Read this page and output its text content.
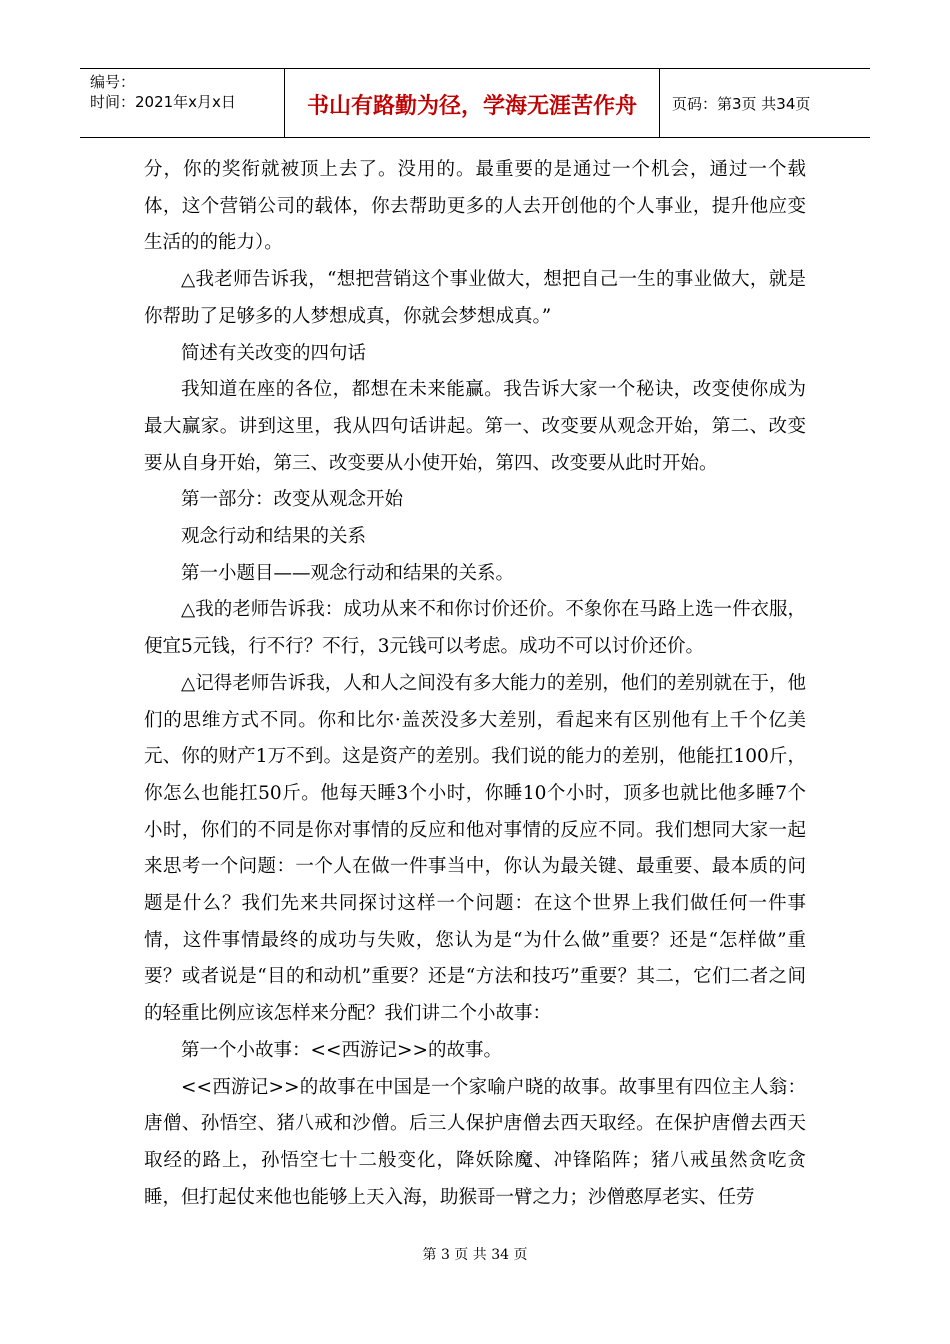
编号：
时间：2021年x月x日	书山有路勤为径，学海无涯苦作舟 页码：第3页 共34页

分，你的奖衔就被顶上去了。没用的。最重要的是通过一个机会，通过一个载体，这个营销公司的载体，你去帮助更多的人去开创他的个人事业，提升他应变生活的的能力）。

△我老师告诉我，“想把营销这个事业做大，想把自己一生的事业做大，就是你帮助了足够多的人梦想成真，你就会梦想成真。”

简述有关改变的四句话

我知道在座的各位，都想在未来能赢。我告诉大家一个秘诀，改变使你成为最大赢家。讲到这里，我从四句话讲起。第一、改变要从观念开始，第二、改变要从自身开始，第三、改变要从小使开始，第四、改变要从此时开始。

第一部分：改变从观念开始

观念行动和结果的关系

第一小题目——观念行动和结果的关系。

△我的老师告诉我：成功从来不和你讨价还价。不象你在马路上选一件衣服，便宜5元钱，行不行？不行，3元钱可以考虑。成功不可以讨价还价。

△记得老师告诉我，人和人之间没有多大能力的差别，他们的差别就在于，他们的思维方式不同。你和比尔·盖茨没多大差别，看起来有区别他有上千个亿美元、你的财产1万不到。这是资产的差别。我们说的能力的差别，他能扛100斤，你怎么也能扛50斤。他每天睡3个小时，你睡10个小时，顶多也就比他多睡7个小时，你们的不同是你对事情的反应和他对事情的反应不同。我们想同大家一起来思考一个问题：一个人在做一件事当中，你认为最关键、最重要、最本质的问题是什么？我们先来共同探讨这样一个问题：在这个世界上我们做任何一件事情，这件事情最终的成功与失败，您认为是“为什么做”重要？还是“怎样做”重要？或者说是“目的和动机”重要？还是“方法和技巧”重要？其二，它们二者之间的轻重比例应该怎样来分配？我们讲二个小故事：

第一个小故事：<<西游记>>的故事。

<<西游记>>的故事在中国是一个家喻户晓的故事。故事里有四位主人翁：唐僧、孙悟空、猪八戒和沙僧。后三人保护唐僧去西天取经。在保护唐僧去西天取经的路上，孙悟空七十二般变化，降妖除魔、冲锋陷阵；猪八戒虽然贪吃贪睡，但打起仗来他也能够上天入海，助猴哥一臂之力；沙僧憨厚老实、任劳

第 3 页 共 34 页
